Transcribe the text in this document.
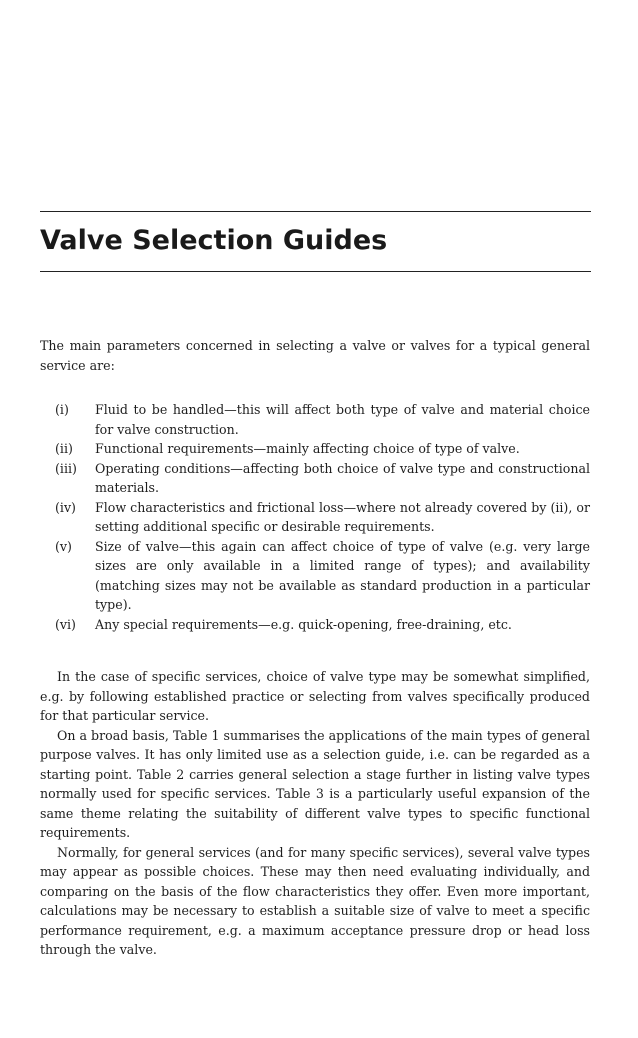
Valve Selection Guides

The main parameters concerned in selecting a valve or valves for a typical general service are:

(i) Fluid to be handled—this will affect both type of valve and material choice for valve construction.
(ii) Functional requirements—mainly affecting choice of type of valve.
(iii) Operating conditions—affecting both choice of valve type and constructional materials.
(iv) Flow characteristics and frictional loss—where not already covered by (ii), or setting additional specific or desirable requirements.
(v) Size of valve—this again can affect choice of type of valve (e.g. very large sizes are only available in a limited range of types); and availability (matching sizes may not be available as standard production in a particular type).
(vi) Any special requirements—e.g. quick-opening, free-draining, etc.

In the case of specific services, choice of valve type may be somewhat simplified, e.g. by following established practice or selecting from valves specifically produced for that particular service.

On a broad basis, Table 1 summarises the applications of the main types of general purpose valves. It has only limited use as a selection guide, i.e. can be regarded as a starting point. Table 2 carries general selection a stage further in listing valve types normally used for specific services. Table 3 is a particularly useful expansion of the same theme relating the suitability of different valve types to specific functional requirements.

Normally, for general services (and for many specific services), several valve types may appear as possible choices. These may then need evaluating individually, and comparing on the basis of the flow characteristics they offer. Even more important, calculations may be necessary to establish a suitable size of valve to meet a specific performance requirement, e.g. a maximum acceptance pressure drop or head loss through the valve.
